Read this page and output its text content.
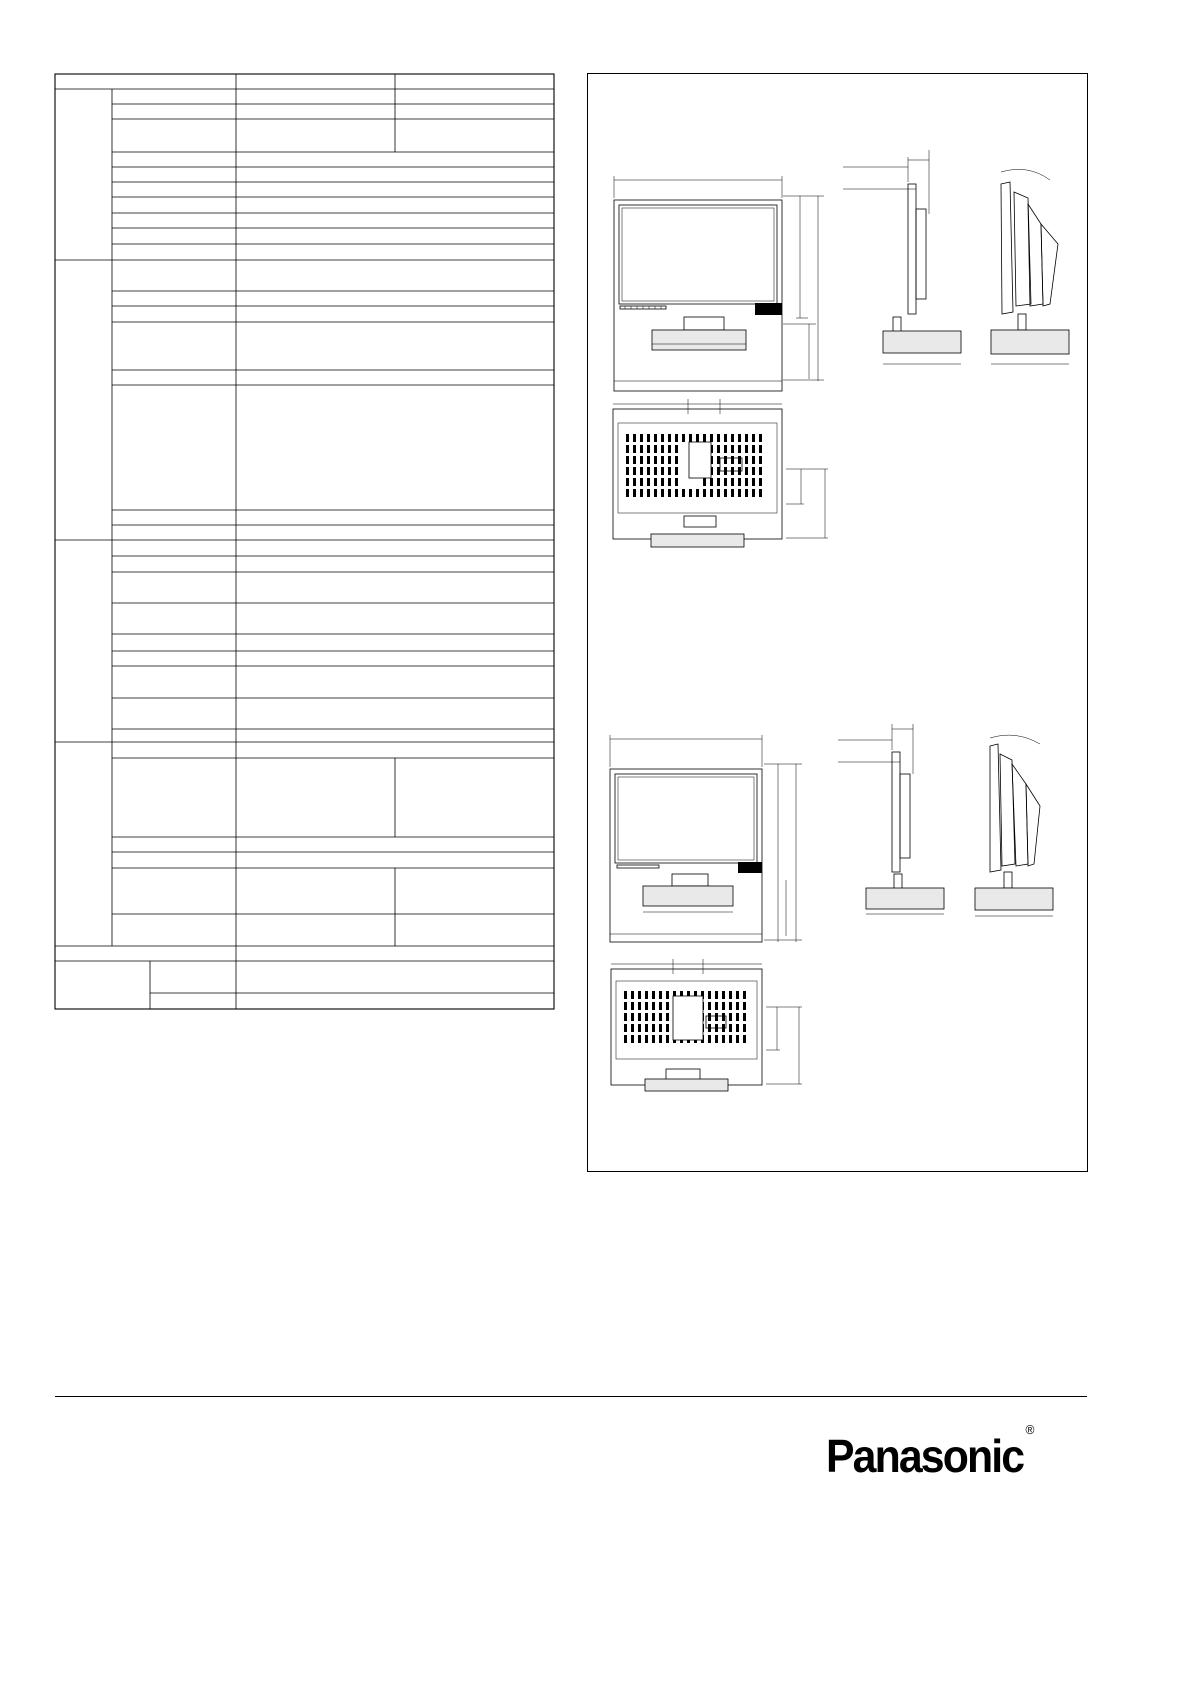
Panasonic
®
